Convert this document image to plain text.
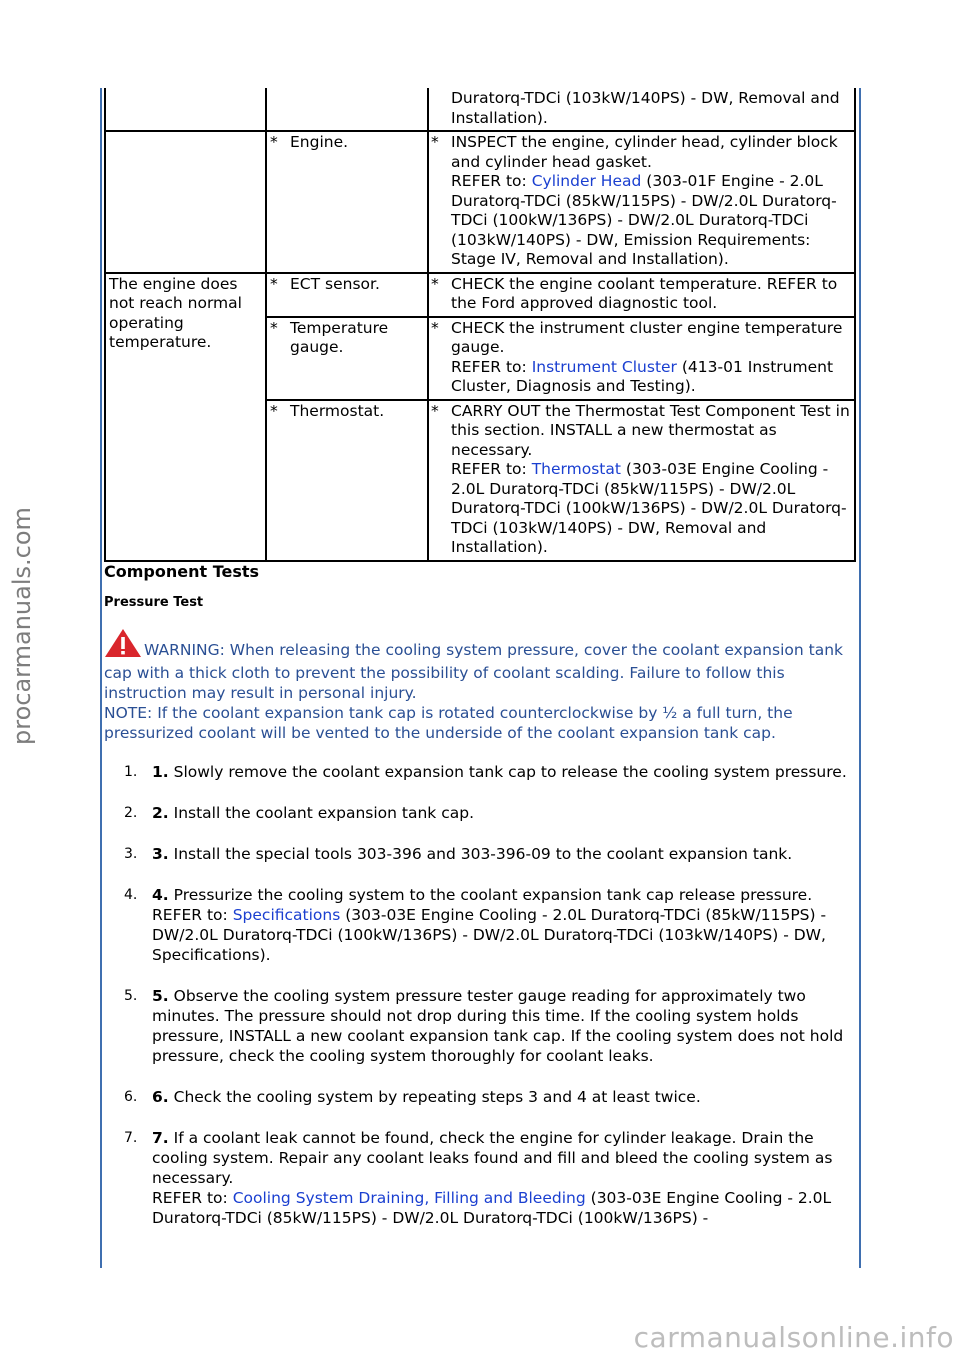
procarmanuals.com
		Duratorq-TDCi (103kW/140PS) - DW, Removal and Installation).

	* Engine.	* INSPECT the engine, cylinder head, cylinder block and cylinder head gasket.
REFER to: Cylinder Head (303-01F Engine - 2.0L Duratorq-TDCi (85kW/115PS) - DW/2.0L Duratorq-TDCi (100kW/136PS) - DW/2.0L Duratorq-TDCi (103kW/140PS) - DW, Emission Requirements: Stage IV, Removal and Installation).

The engine does not reach normal operating temperature.	* ECT sensor.	* CHECK the engine coolant temperature. REFER to the Ford approved diagnostic tool.

	* Temperature gauge.	* CHECK the instrument cluster engine temperature gauge.
REFER to: Instrument Cluster (413-01 Instrument Cluster, Diagnosis and Testing).

	* Thermostat.	* CARRY OUT the Thermostat Test Component Test in this section. INSTALL a new thermostat as necessary.
REFER to: Thermostat (303-03E Engine Cooling - 2.0L Duratorq-TDCi (85kW/115PS) - DW/2.0L Duratorq-TDCi (100kW/136PS) - DW/2.0L Duratorq-TDCi (103kW/140PS) - DW, Removal and Installation).
Component Tests
Pressure Test
WARNING: When releasing the cooling system pressure, cover the coolant expansion tank cap with a thick cloth to prevent the possibility of coolant scalding. Failure to follow this instruction may result in personal injury.
NOTE: If the coolant expansion tank cap is rotated counterclockwise by ½ a full turn, the pressurized coolant will be vented to the underside of the coolant expansion tank cap.
1. 1. Slowly remove the coolant expansion tank cap to release the cooling system pressure.
2. 2. Install the coolant expansion tank cap.
3. 3. Install the special tools 303-396 and 303-396-09 to the coolant expansion tank.
4. 4. Pressurize the cooling system to the coolant expansion tank cap release pressure.
REFER to: Specifications (303-03E Engine Cooling - 2.0L Duratorq-TDCi (85kW/115PS) - DW/2.0L Duratorq-TDCi (100kW/136PS) - DW/2.0L Duratorq-TDCi (103kW/140PS) - DW, Specifications).
5. 5. Observe the cooling system pressure tester gauge reading for approximately two minutes. The pressure should not drop during this time. If the cooling system holds pressure, INSTALL a new coolant expansion tank cap. If the cooling system does not hold pressure, check the cooling system thoroughly for coolant leaks.
6. 6. Check the cooling system by repeating steps 3 and 4 at least twice.
7. 7. If a coolant leak cannot be found, check the engine for cylinder leakage. Drain the cooling system. Repair any coolant leaks found and fill and bleed the cooling system as necessary.
REFER to: Cooling System Draining, Filling and Bleeding (303-03E Engine Cooling - 2.0L Duratorq-TDCi (85kW/115PS) - DW/2.0L Duratorq-TDCi (100kW/136PS) -
carmanualsonline.info
